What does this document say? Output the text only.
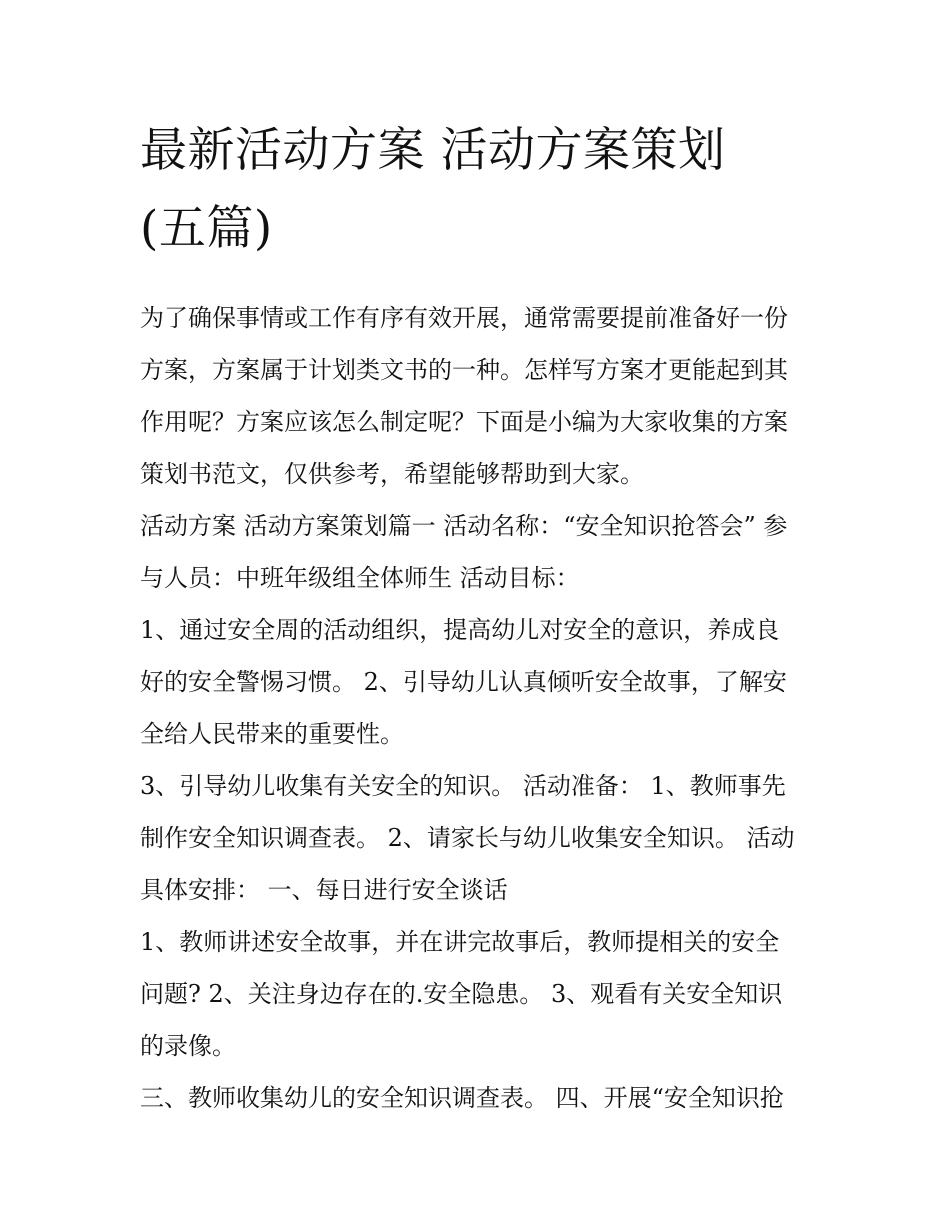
最新活动方案 活动方案策划
(五篇)

为了确保事情或工作有序有效开展，通常需要提前准备好一份
方案，方案属于计划类文书的一种。怎样写方案才更能起到其
作用呢？方案应该怎么制定呢？下面是小编为大家收集的方案
策划书范文，仅供参考，希望能够帮助到大家。

活动方案 活动方案策划篇一 活动名称：“安全知识抢答会” 参
与人员：中班年级组全体师生 活动目标：

1、通过安全周的活动组织，提高幼儿对安全的意识，养成良
好的安全警惕习惯。 2、引导幼儿认真倾听安全故事，了解安
全给人民带来的重要性。

3、引导幼儿收集有关安全的知识。 活动准备： 1、教师事先
制作安全知识调查表。 2、请家长与幼儿收集安全知识。 活动
具体安排： 一、每日进行安全谈话

1、教师讲述安全故事，并在讲完故事后，教师提相关的安全
问题? 2、关注身边存在的.安全隐患。 3、观看有关安全知识
的录像。

三、教师收集幼儿的安全知识调查表。 四、开展“安全知识抢
